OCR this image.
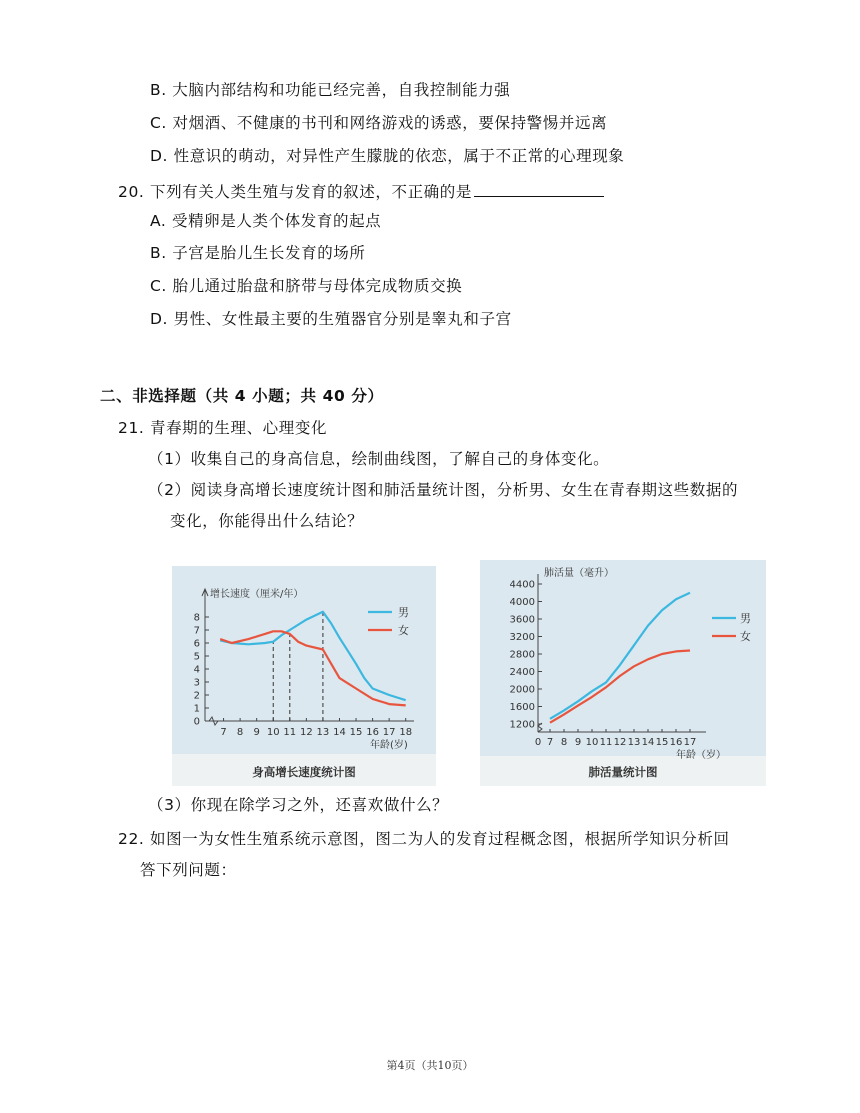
B. 大脑内部结构和功能已经完善，自我控制能力强
C. 对烟酒、不健康的书刊和网络游戏的诱惑，要保持警惕并远离
D. 性意识的萌动，对异性产生朦胧的依恋，属于不正常的心理现象
20. 下列有关人类生殖与发育的叙述，不正确的是
A. 受精卵是人类个体发育的起点
B. 子宫是胎儿生长发育的场所
C. 胎儿通过胎盘和脐带与母体完成物质交换
D. 男性、女性最主要的生殖器官分别是睾丸和子宫
二、非选择题（共 4 小题；共 40 分）
21. 青春期的生理、心理变化
（1）收集自己的身高信息，绘制曲线图，了解自己的身体变化。
（2）阅读身高增长速度统计图和肺活量统计图，分析男、女生在青春期这些数据的
变化，你能得出什么结论？
0
1
2
3
4
5
6
7
8
7 8 9 10 11 12 13 14 15 16 17 18
年龄(岁)
增长速度（厘米/年）
男
女
身高增长速度统计图
1200
1600
2000
2400
2800
3200
3600
4000
4400
0 7 8 9 10 11 12 13 14 15 16 17
年龄（岁）
肺活量（毫升）
男
女
肺活量统计图
（3）你现在除学习之外，还喜欢做什么？
22. 如图一为女性生殖系统示意图，图二为人的发育过程概念图，根据所学知识分析回
答下列问题：
第4页（共10页）
